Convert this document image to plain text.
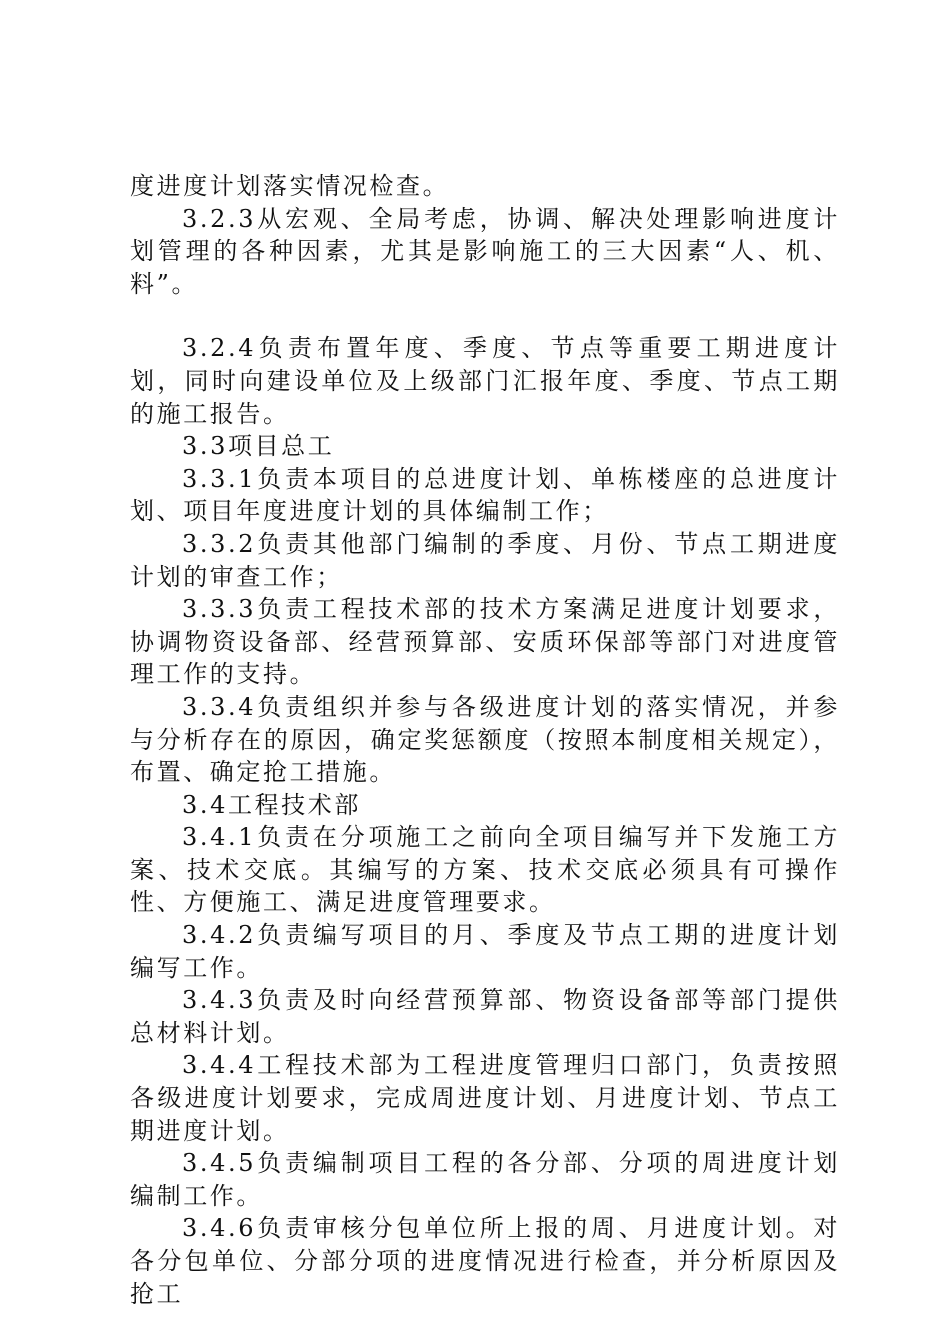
度进度计划落实情况检查。

3.2.3从宏观、全局考虑，协调、解决处理影响进度计划管理的各种因素，尤其是影响施工的三大因素“人、机、料”。

3.2.4负责布置年度、季度、节点等重要工期进度计划，同时向建设单位及上级部门汇报年度、季度、节点工期的施工报告。

3.3项目总工

3.3.1负责本项目的总进度计划、单栋楼座的总进度计划、项目年度进度计划的具体编制工作；

3.3.2负责其他部门编制的季度、月份、节点工期进度计划的审查工作；

3.3.3负责工程技术部的技术方案满足进度计划要求，协调物资设备部、经营预算部、安质环保部等部门对进度管理工作的支持。

3.3.4负责组织并参与各级进度计划的落实情况，并参与分析存在的原因，确定奖惩额度（按照本制度相关规定），布置、确定抢工措施。

3.4工程技术部

3.4.1负责在分项施工之前向全项目编写并下发施工方案、技术交底。其编写的方案、技术交底必须具有可操作性、方便施工、满足进度管理要求。

3.4.2负责编写项目的月、季度及节点工期的进度计划编写工作。

3.4.3负责及时向经营预算部、物资设备部等部门提供总材料计划。

3.4.4工程技术部为工程进度管理归口部门，负责按照各级进度计划要求，完成周进度计划、月进度计划、节点工期进度计划。

3.4.5负责编制项目工程的各分部、分项的周进度计划编制工作。

3.4.6负责审核分包单位所上报的周、月进度计划。对各分包单位、分部分项的进度情况进行检查，并分析原因及抢工
